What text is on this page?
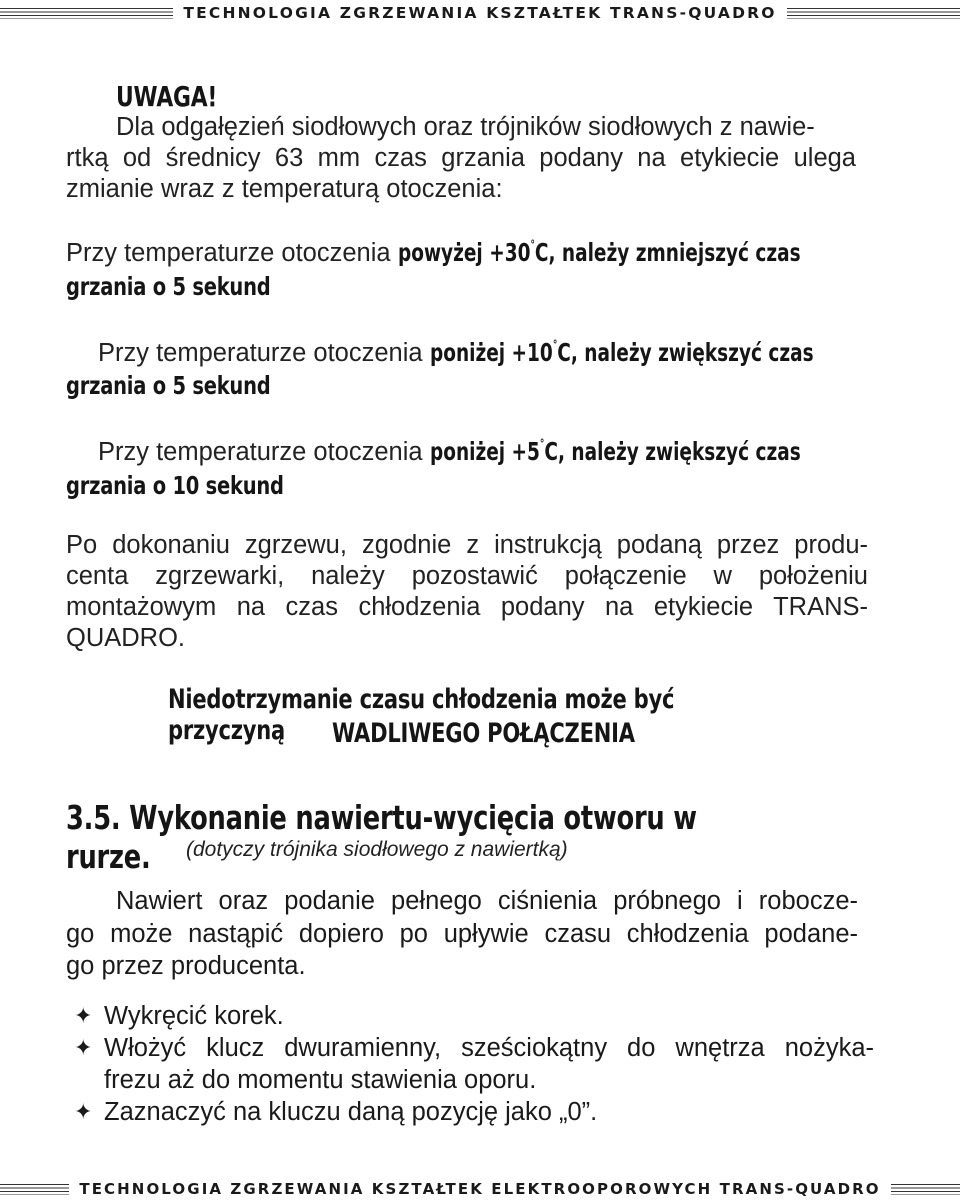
TECHNOLOGIA ZGRZEWANIA KSZTAŁTEK TRANS-QUADRO
UWAGA!
Dla odgałęzień siodłowych oraz trójników siodłowych z nawie-
rtką od średnicy 63 mm czas grzania podany na etykiecie ulega
zmianie wraz z temperaturą otoczenia:
Przy temperaturze otoczenia powyżej +30°C, należy zmniejszyć czas
grzania o 5 sekund
Przy temperaturze otoczenia poniżej +10°C, należy zwiększyć czas
grzania o 5 sekund
Przy temperaturze otoczenia poniżej +5°C, należy zwiększyć czas
grzania o 10 sekund
Po dokonaniu zgrzewu, zgodnie z instrukcją podaną przez produ-
centa zgrzewarki, należy pozostawić połączenie w położeniu
montażowym na czas chłodzenia podany na etykiecie TRANS-
QUADRO.
Niedotrzymanie czasu chłodzenia może być przyczyną	WADLIWEGO POŁĄCZENIA
3.5. Wykonanie nawiertu-wycięcia otworu w rurze.	(dotyczy trójnika siodłowego z nawiertką)
Nawiert oraz podanie pełnego ciśnienia próbnego i robocze-
go może nastąpić dopiero po upływie czasu chłodzenia podane-
go przez producenta.
✦ Wykręcić korek.
✦ Włożyć klucz dwuramienny, sześciokątny do wnętrza nożyka-
frezu aż do momentu stawienia oporu.
✦ Zaznaczyć na kluczu daną pozycję jako „0”.
TECHNOLOGIA ZGRZEWANIA KSZTAŁTEK ELEKTROOPOROWYCH TRANS-QUADRO
